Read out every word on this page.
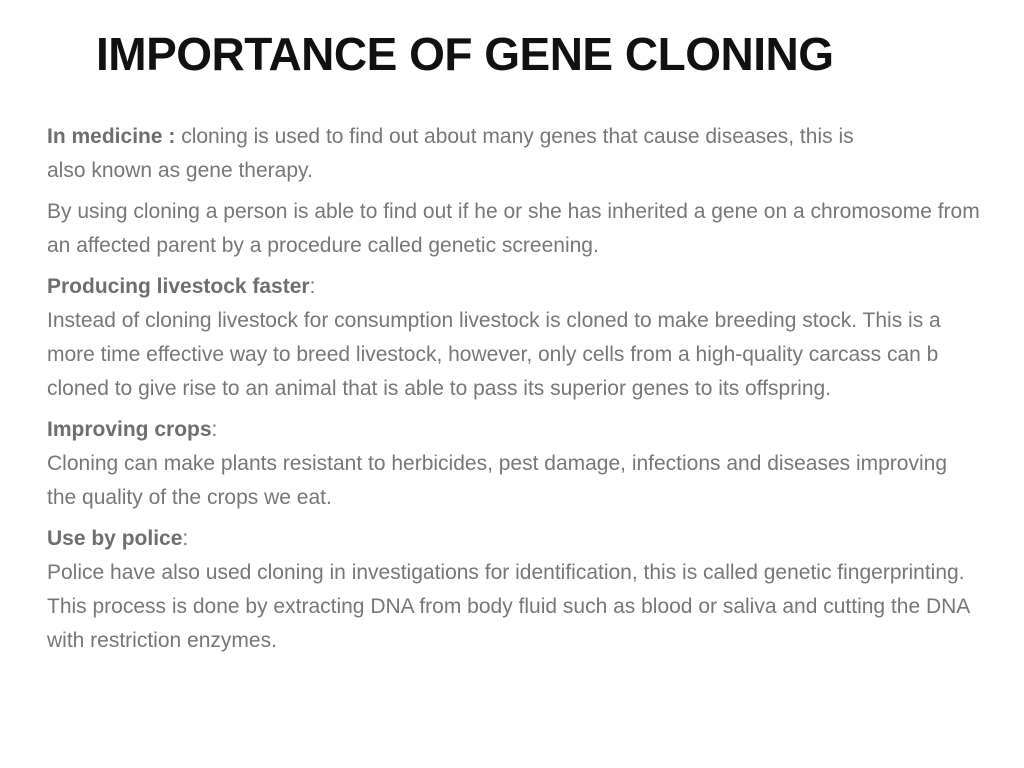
IMPORTANCE OF GENE CLONING

In medicine : cloning is used to find out about many genes that cause diseases, this is also known as gene therapy.

By using cloning a person is able to find out if he or she has inherited a gene on a chromosome from an affected parent by a procedure called genetic screening.

Producing livestock faster:
Instead of cloning livestock for consumption livestock is cloned to make breeding stock. This is a more time effective way to breed livestock, however, only cells from a high-quality carcass can b cloned to give rise to an animal that is able to pass its superior genes to its offspring.

Improving crops:
Cloning can make plants resistant to herbicides, pest damage, infections and diseases improving the quality of the crops we eat.

Use by police:
Police have also used cloning in investigations for identification, this is called genetic fingerprinting. This process is done by extracting DNA from body fluid such as blood or saliva and cutting the DNA with restriction enzymes.
